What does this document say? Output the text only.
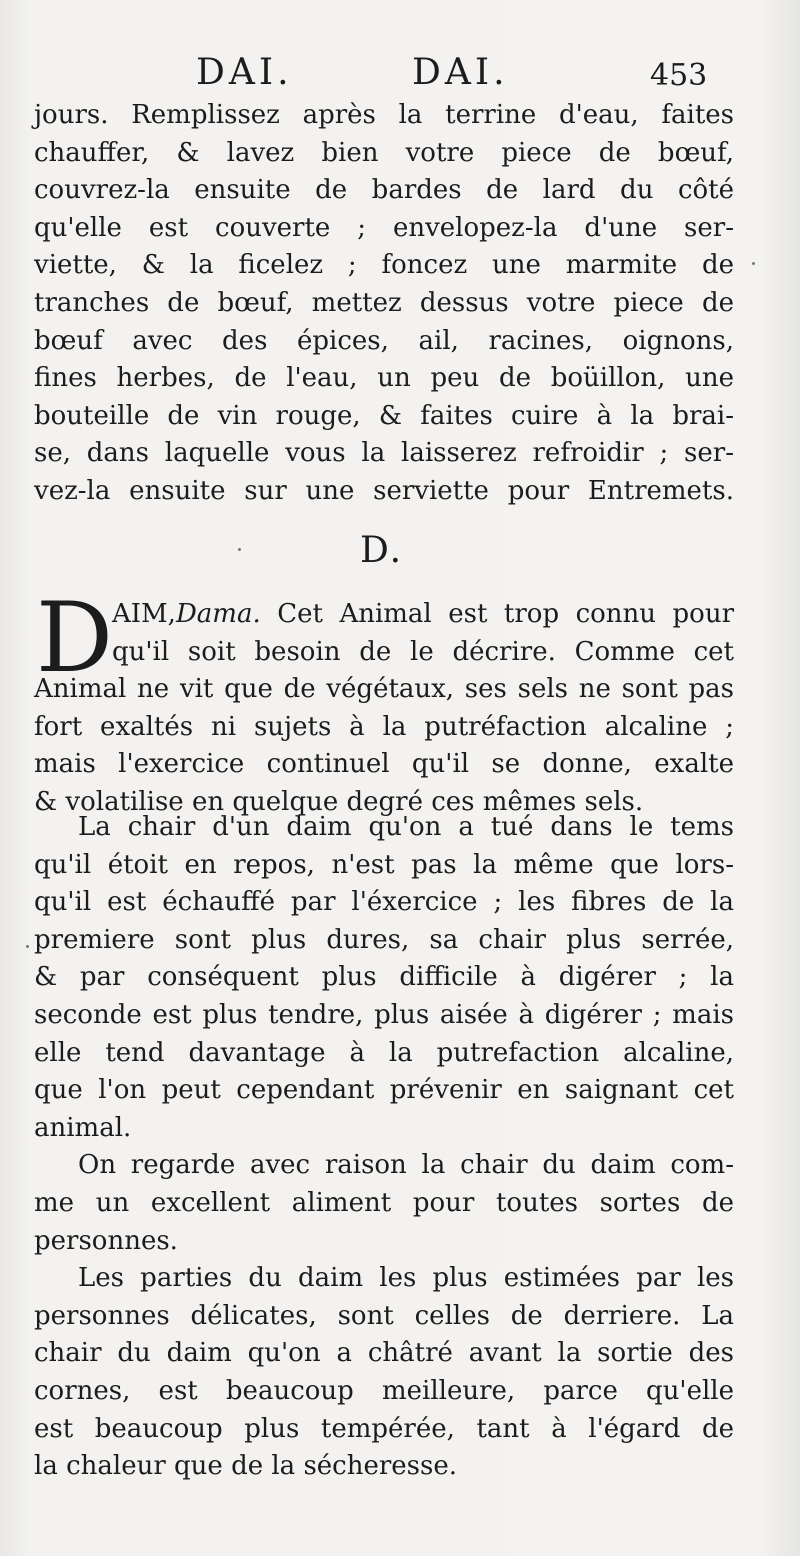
DAI.	DAI.	453
jours. Remplissez après la terrine d'eau, faites
chauffer, & lavez bien votre piece de bœuf,
couvrez-la ensuite de bardes de lard du côté
qu'elle est couverte ; envelopez-la d'une ser-
viette, & la ficelez ; foncez une marmite de
tranches de bœuf, mettez dessus votre piece de
bœuf avec des épices, ail, racines, oignons,
fines herbes, de l'eau, un peu de boüillon, une
bouteille de vin rouge, & faites cuire à la brai-
se, dans laquelle vous la laisserez refroidir ; ser-
vez-la ensuite sur une serviette pour Entremets.
D.
D AIM,Dama. Cet Animal est trop connu pour
qu'il soit besoin de le décrire. Comme cet
Animal ne vit que de végétaux, ses sels ne sont pas
fort exaltés ni sujets à la putréfaction alcaline ;
mais l'exercice continuel qu'il se donne, exalte
& volatilise en quelque degré ces mêmes sels.
La chair d'un daim qu'on a tué dans le tems
qu'il étoit en repos, n'est pas la même que lors-
qu'il est échauffé par l'éxercice ; les fibres de la
premiere sont plus dures, sa chair plus serrée,
& par conséquent plus difficile à digérer ; la
seconde est plus tendre, plus aisée à digérer ; mais
elle tend davantage à la putrefaction alcaline,
que l'on peut cependant prévenir en saignant cet
animal.
On regarde avec raison la chair du daim com-
me un excellent aliment pour toutes sortes de
personnes.
Les parties du daim les plus estimées par les
personnes délicates, sont celles de derriere. La
chair du daim qu'on a châtré avant la sortie des
cornes, est beaucoup meilleure, parce qu'elle
est beaucoup plus tempérée, tant à l'égard de
la chaleur que de la sécheresse.
